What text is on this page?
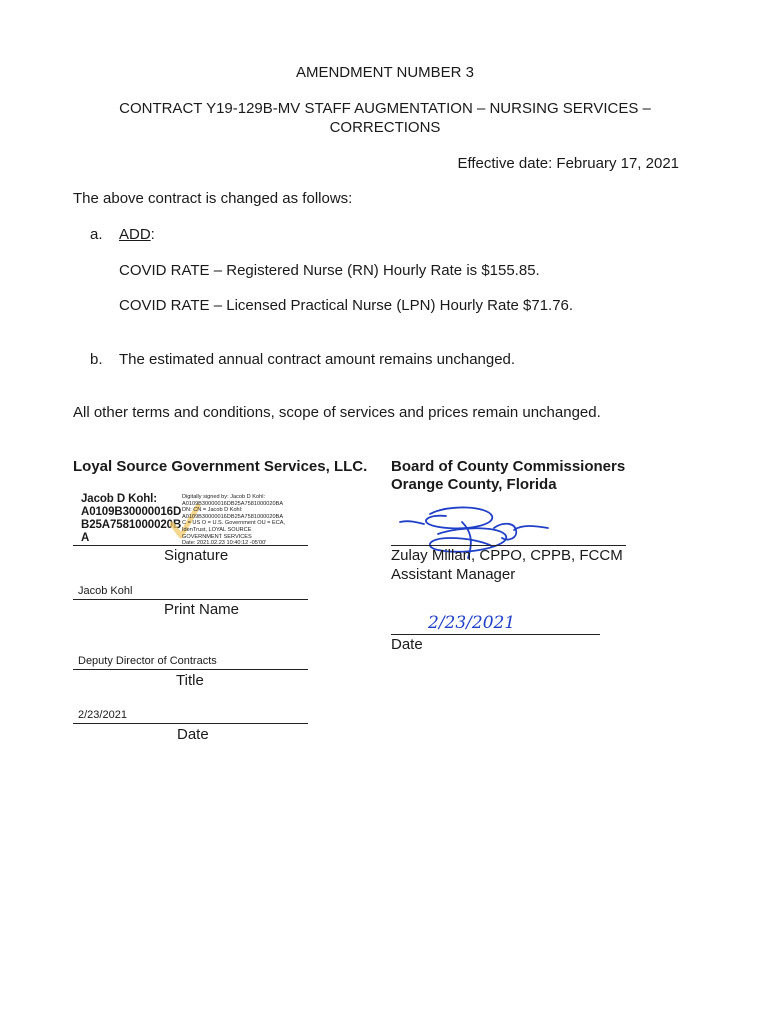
AMENDMENT NUMBER 3
CONTRACT Y19-129B-MV STAFF AUGMENTATION – NURSING SERVICES –
CORRECTIONS
Effective date: February 17, 2021
The above contract is changed as follows:
a. ADD:
COVID RATE – Registered Nurse (RN) Hourly Rate is $155.85.
COVID RATE – Licensed Practical Nurse (LPN) Hourly Rate $71.76.
b. The estimated annual contract amount remains unchanged.
All other terms and conditions, scope of services and prices remain unchanged.
Loyal Source Government Services, LLC.
Jacob D Kohl:
A0109B30000016D
B25A7581000020B
A
Digitally signed by: Jacob D Kohl:
A0109B30000016DB25A7581000020BA
DN: CN = Jacob D Kohl:
A0109B30000016DB25A7581000020BA
C = US O = U.S. Government OU = ECA,
IdenTrust, LOYAL SOURCE
GOVERNMENT SERVICES
Date: 2021.02.23 10:40:12 -05'00'
Signature
Jacob Kohl
Print Name
Deputy Director of Contracts
Title
2/23/2021
Date
Board of County Commissioners
Orange County, Florida
Zulay Millan, CPPO, CPPB, FCCM
Assistant Manager
2/23/2021
Date
